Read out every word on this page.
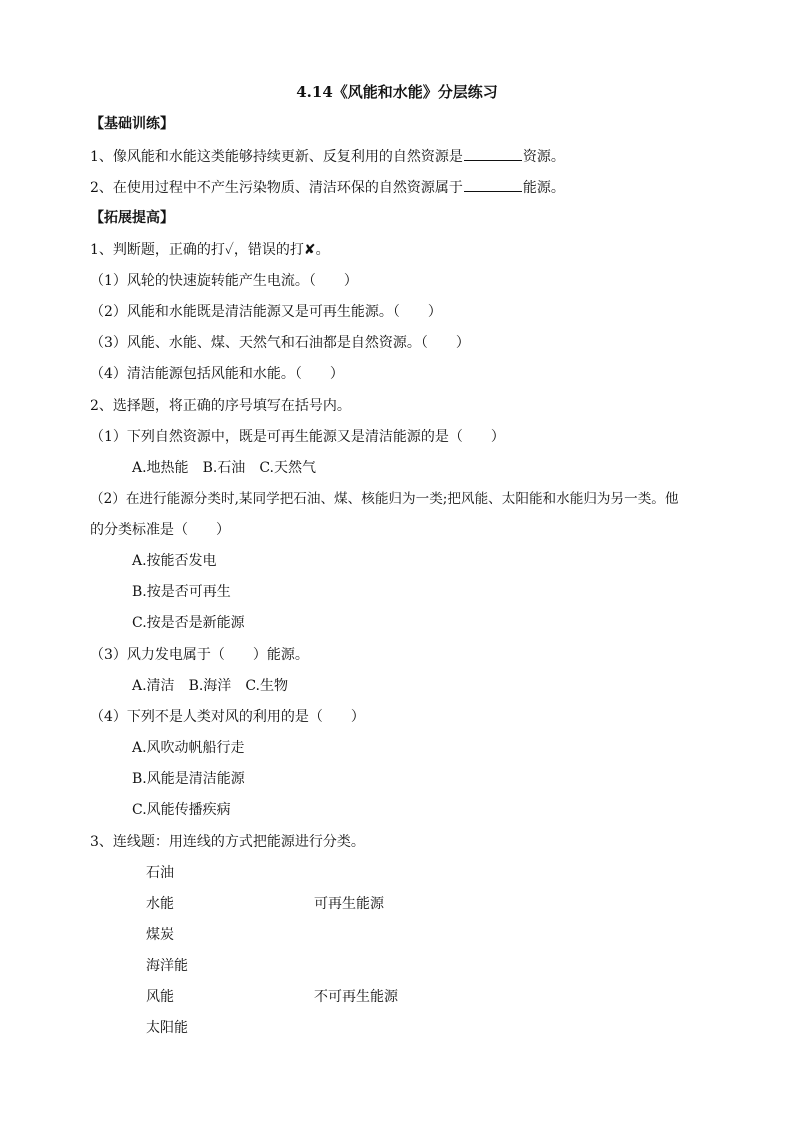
4.14《风能和水能》分层练习
【基础训练】
1、像风能和水能这类能够持续更新、反复利用的自然资源是	资源。
2、在使用过程中不产生污染物质、清洁环保的自然资源属于	能源。
【拓展提高】
1、判断题，正确的打✓，错误的打✘。
（1）风轮的快速旋转能产生电流。（　　）
（2）风能和水能既是清洁能源又是可再生能源。（　　）
（3）风能、水能、煤、天然气和石油都是自然资源。（　　）
（4）清洁能源包括风能和水能。（　　）
2、选择题，将正确的序号填写在括号内。
（1）下列自然资源中，既是可再生能源又是清洁能源的是（　　）
A.地热能 B.石油 C.天然气
（2）在进行能源分类时,某同学把石油、煤、核能归为一类;把风能、太阳能和水能归为另一类。他
的分类标准是（　　）
A.按能否发电
B.按是否可再生
C.按是否是新能源
（3）风力发电属于（　　）能源。
A.清洁 B.海洋 C.生物
（4）下列不是人类对风的利用的是（　　）
A.风吹动帆船行走
B.风能是清洁能源
C.风能传播疾病
3、连线题：用连线的方式把能源进行分类。
石油
水能	可再生能源
煤炭
海洋能
风能	不可再生能源
太阳能
